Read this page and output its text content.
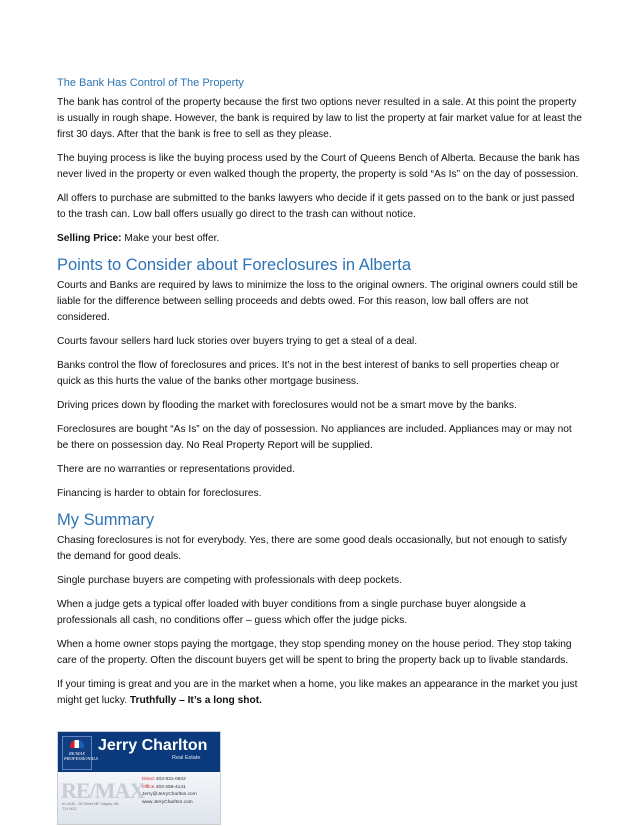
The Bank Has Control of The Property

The bank has control of the property because the first two options never resulted in a sale. At this point the property is usually in rough shape. However, the bank is required by law to list the property at fair market value for at least the first 30 days. After that the bank is free to sell as they please.

The buying process is like the buying process used by the Court of Queens Bench of Alberta. Because the bank has never lived in the property or even walked though the property, the property is sold “As Is” on the day of possession.

All offers to purchase are submitted to the banks lawyers who decide if it gets passed on to the bank or just passed to the trash can. Low ball offers usually go direct to the trash can without notice.

Selling Price: Make your best offer.

Points to Consider about Foreclosures in Alberta

Courts and Banks are required by laws to minimize the loss to the original owners. The original owners could still be liable for the difference between selling proceeds and debts owed. For this reason, low ball offers are not considered.

Courts favour sellers hard luck stories over buyers trying to get a steal of a deal.

Banks control the flow of foreclosures and prices. It’s not in the best interest of banks to sell properties cheap or quick as this hurts the value of the banks other mortgage business.

Driving prices down by flooding the market with foreclosures would not be a smart move by the banks.

Foreclosures are bought “As Is” on the day of possession. No appliances are included. Appliances may or may not be there on possession day. No Real Property Report will be supplied.

There are no warranties or representations provided.

Financing is harder to obtain for foreclosures.

My Summary

Chasing foreclosures is not for everybody. Yes, there are some good deals occasionally, but not enough to satisfy the demand for good deals.

Single purchase buyers are competing with professionals with deep pockets.

When a judge gets a typical offer loaded with buyer conditions from a single purchase buyer alongside a professionals all cash, no conditions offer – guess which offer the judge picks.

When a home owner stops paying the mortgage, they stop spending money on the house period. They stop taking care of the property. Often the discount buyers get will be spent to bring the property back up to livable standards.

If your timing is great and you are in the market when a home, you like makes an appearance in the market you just might get lucky. Truthfully – It’s a long shot.

RE/MAX PROFESSIONALS
Jerry Charlton
Real Estate
RE/MAX
#1-4040 - 28 Street NE Calgary, AB T1Y 6G3
Direct 403-831-0842
Office 403-259-4141
Jerry@JerryCharlton.com
www.JerryCharlton.com
